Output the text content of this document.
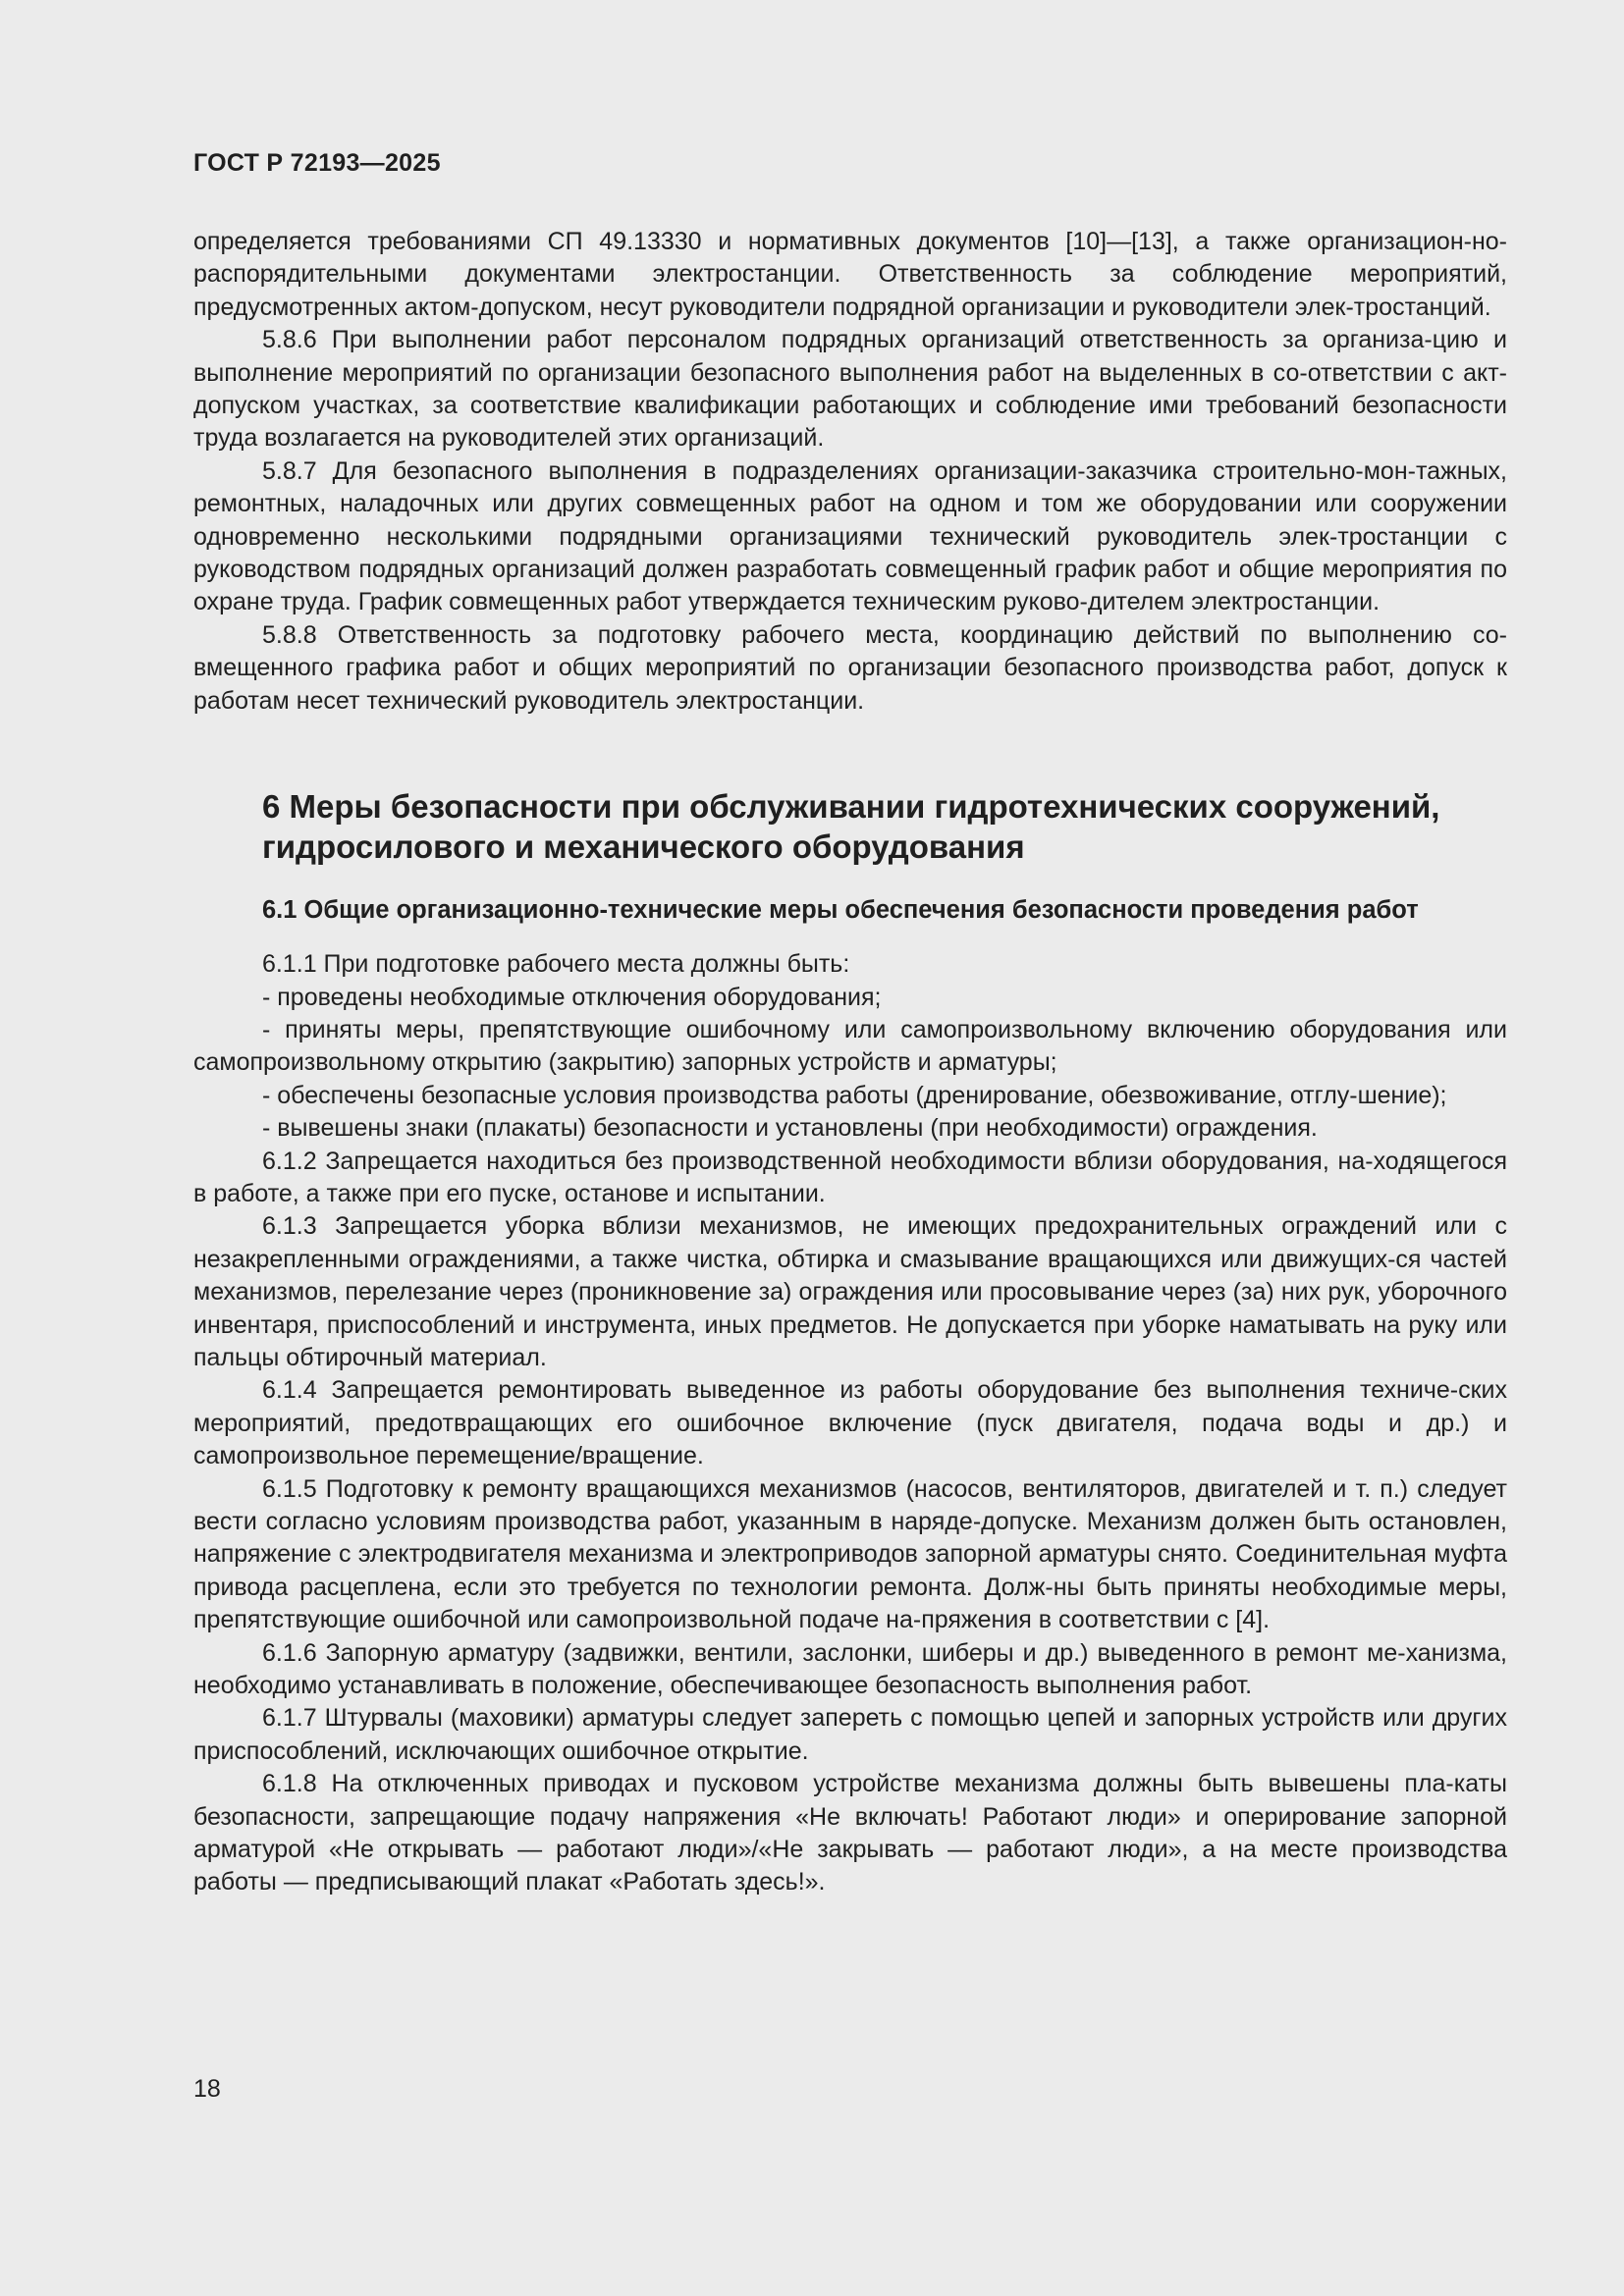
ГОСТ Р 72193—2025

определяется требованиями СП 49.13330 и нормативных документов [10]—[13], а также организацион-но-распорядительными документами электростанции. Ответственность за соблюдение мероприятий, предусмотренных актом-допуском, несут руководители подрядной организации и руководители элек-тростанций.

5.8.6 При выполнении работ персоналом подрядных организаций ответственность за организа-цию и выполнение мероприятий по организации безопасного выполнения работ на выделенных в со-ответствии с акт-допуском участках, за соответствие квалификации работающих и соблюдение ими требований безопасности труда возлагается на руководителей этих организаций.

5.8.7 Для безопасного выполнения в подразделениях организации-заказчика строительно-мон-тажных, ремонтных, наладочных или других совмещенных работ на одном и том же оборудовании или сооружении одновременно несколькими подрядными организациями технический руководитель элек-тростанции с руководством подрядных организаций должен разработать совмещенный график работ и общие мероприятия по охране труда. График совмещенных работ утверждается техническим руково-дителем электростанции.

5.8.8 Ответственность за подготовку рабочего места, координацию действий по выполнению со-вмещенного графика работ и общих мероприятий по организации безопасного производства работ, допуск к работам несет технический руководитель электростанции.

6 Меры безопасности при обслуживании гидротехнических сооружений, гидросилового и механического оборудования
6.1 Общие организационно-технические меры обеспечения безопасности проведения работ

6.1.1 При подготовке рабочего места должны быть:

- проведены необходимые отключения оборудования;

- приняты меры, препятствующие ошибочному или самопроизвольному включению оборудования или самопроизвольному открытию (закрытию) запорных устройств и арматуры;

- обеспечены безопасные условия производства работы (дренирование, обезвоживание, отглу-шение);

- вывешены знаки (плакаты) безопасности и установлены (при необходимости) ограждения.

6.1.2 Запрещается находиться без производственной необходимости вблизи оборудования, на-ходящегося в работе, а также при его пуске, останове и испытании.

6.1.3 Запрещается уборка вблизи механизмов, не имеющих предохранительных ограждений или с незакрепленными ограждениями, а также чистка, обтирка и смазывание вращающихся или движущих-ся частей механизмов, перелезание через (проникновение за) ограждения или просовывание через (за) них рук, уборочного инвентаря, приспособлений и инструмента, иных предметов. Не допускается при уборке наматывать на руку или пальцы обтирочный материал.

6.1.4 Запрещается ремонтировать выведенное из работы оборудование без выполнения техниче-ских мероприятий, предотвращающих его ошибочное включение (пуск двигателя, подача воды и др.) и самопроизвольное перемещение/вращение.

6.1.5 Подготовку к ремонту вращающихся механизмов (насосов, вентиляторов, двигателей и т. п.) следует вести согласно условиям производства работ, указанным в наряде-допуске. Механизм должен быть остановлен, напряжение с электродвигателя механизма и электроприводов запорной арматуры снято. Соединительная муфта привода расцеплена, если это требуется по технологии ремонта. Долж-ны быть приняты необходимые меры, препятствующие ошибочной или самопроизвольной подаче на-пряжения в соответствии с [4].

6.1.6 Запорную арматуру (задвижки, вентили, заслонки, шиберы и др.) выведенного в ремонт ме-ханизма, необходимо устанавливать в положение, обеспечивающее безопасность выполнения работ.

6.1.7 Штурвалы (маховики) арматуры следует запереть с помощью цепей и запорных устройств или других приспособлений, исключающих ошибочное открытие.

6.1.8 На отключенных приводах и пусковом устройстве механизма должны быть вывешены пла-каты безопасности, запрещающие подачу напряжения «Не включать! Работают люди» и оперирование запорной арматурой «Не открывать — работают люди»/«Не закрывать — работают люди», а на месте производства работы — предписывающий плакат «Работать здесь!».

18
